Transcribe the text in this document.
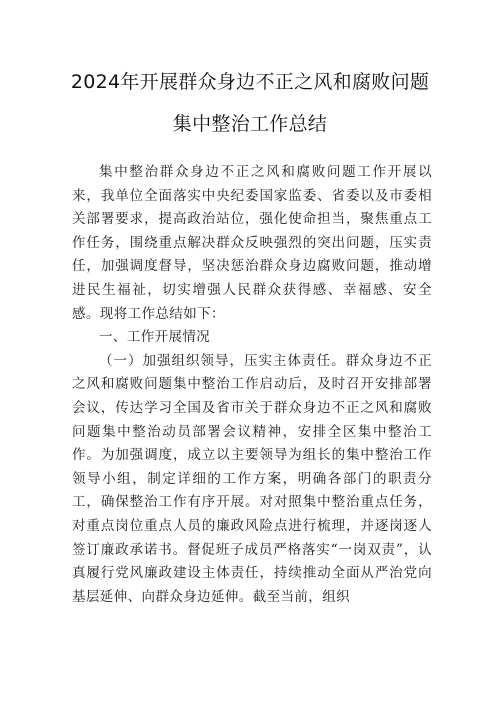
2024年开展群众身边不正之风和腐败问题
集中整治工作总结

集中整治群众身边不正之风和腐败问题工作开展以来，我单位全面落实中央纪委国家监委、省委以及市委相关部署要求，提高政治站位，强化使命担当，聚焦重点工作任务，围绕重点解决群众反映强烈的突出问题，压实责任，加强调度督导，坚决惩治群众身边腐败问题，推动增进民生福祉，切实增强人民群众获得感、幸福感、安全感。现将工作总结如下：

一、工作开展情况

（一）加强组织领导，压实主体责任。群众身边不正之风和腐败问题集中整治工作启动后，及时召开安排部署会议，传达学习全国及省市关于群众身边不正之风和腐败问题集中整治动员部署会议精神，安排全区集中整治工作。为加强调度，成立以主要领导为组长的集中整治工作领导小组，制定详细的工作方案，明确各部门的职责分工，确保整治工作有序开展。对对照集中整治重点任务，对重点岗位重点人员的廉政风险点进行梳理，并逐岗逐人签订廉政承诺书。督促班子成员严格落实“一岗双责”，认真履行党风廉政建设主体责任，持续推动全面从严治党向基层延伸、向群众身边延伸。截至当前，组织
